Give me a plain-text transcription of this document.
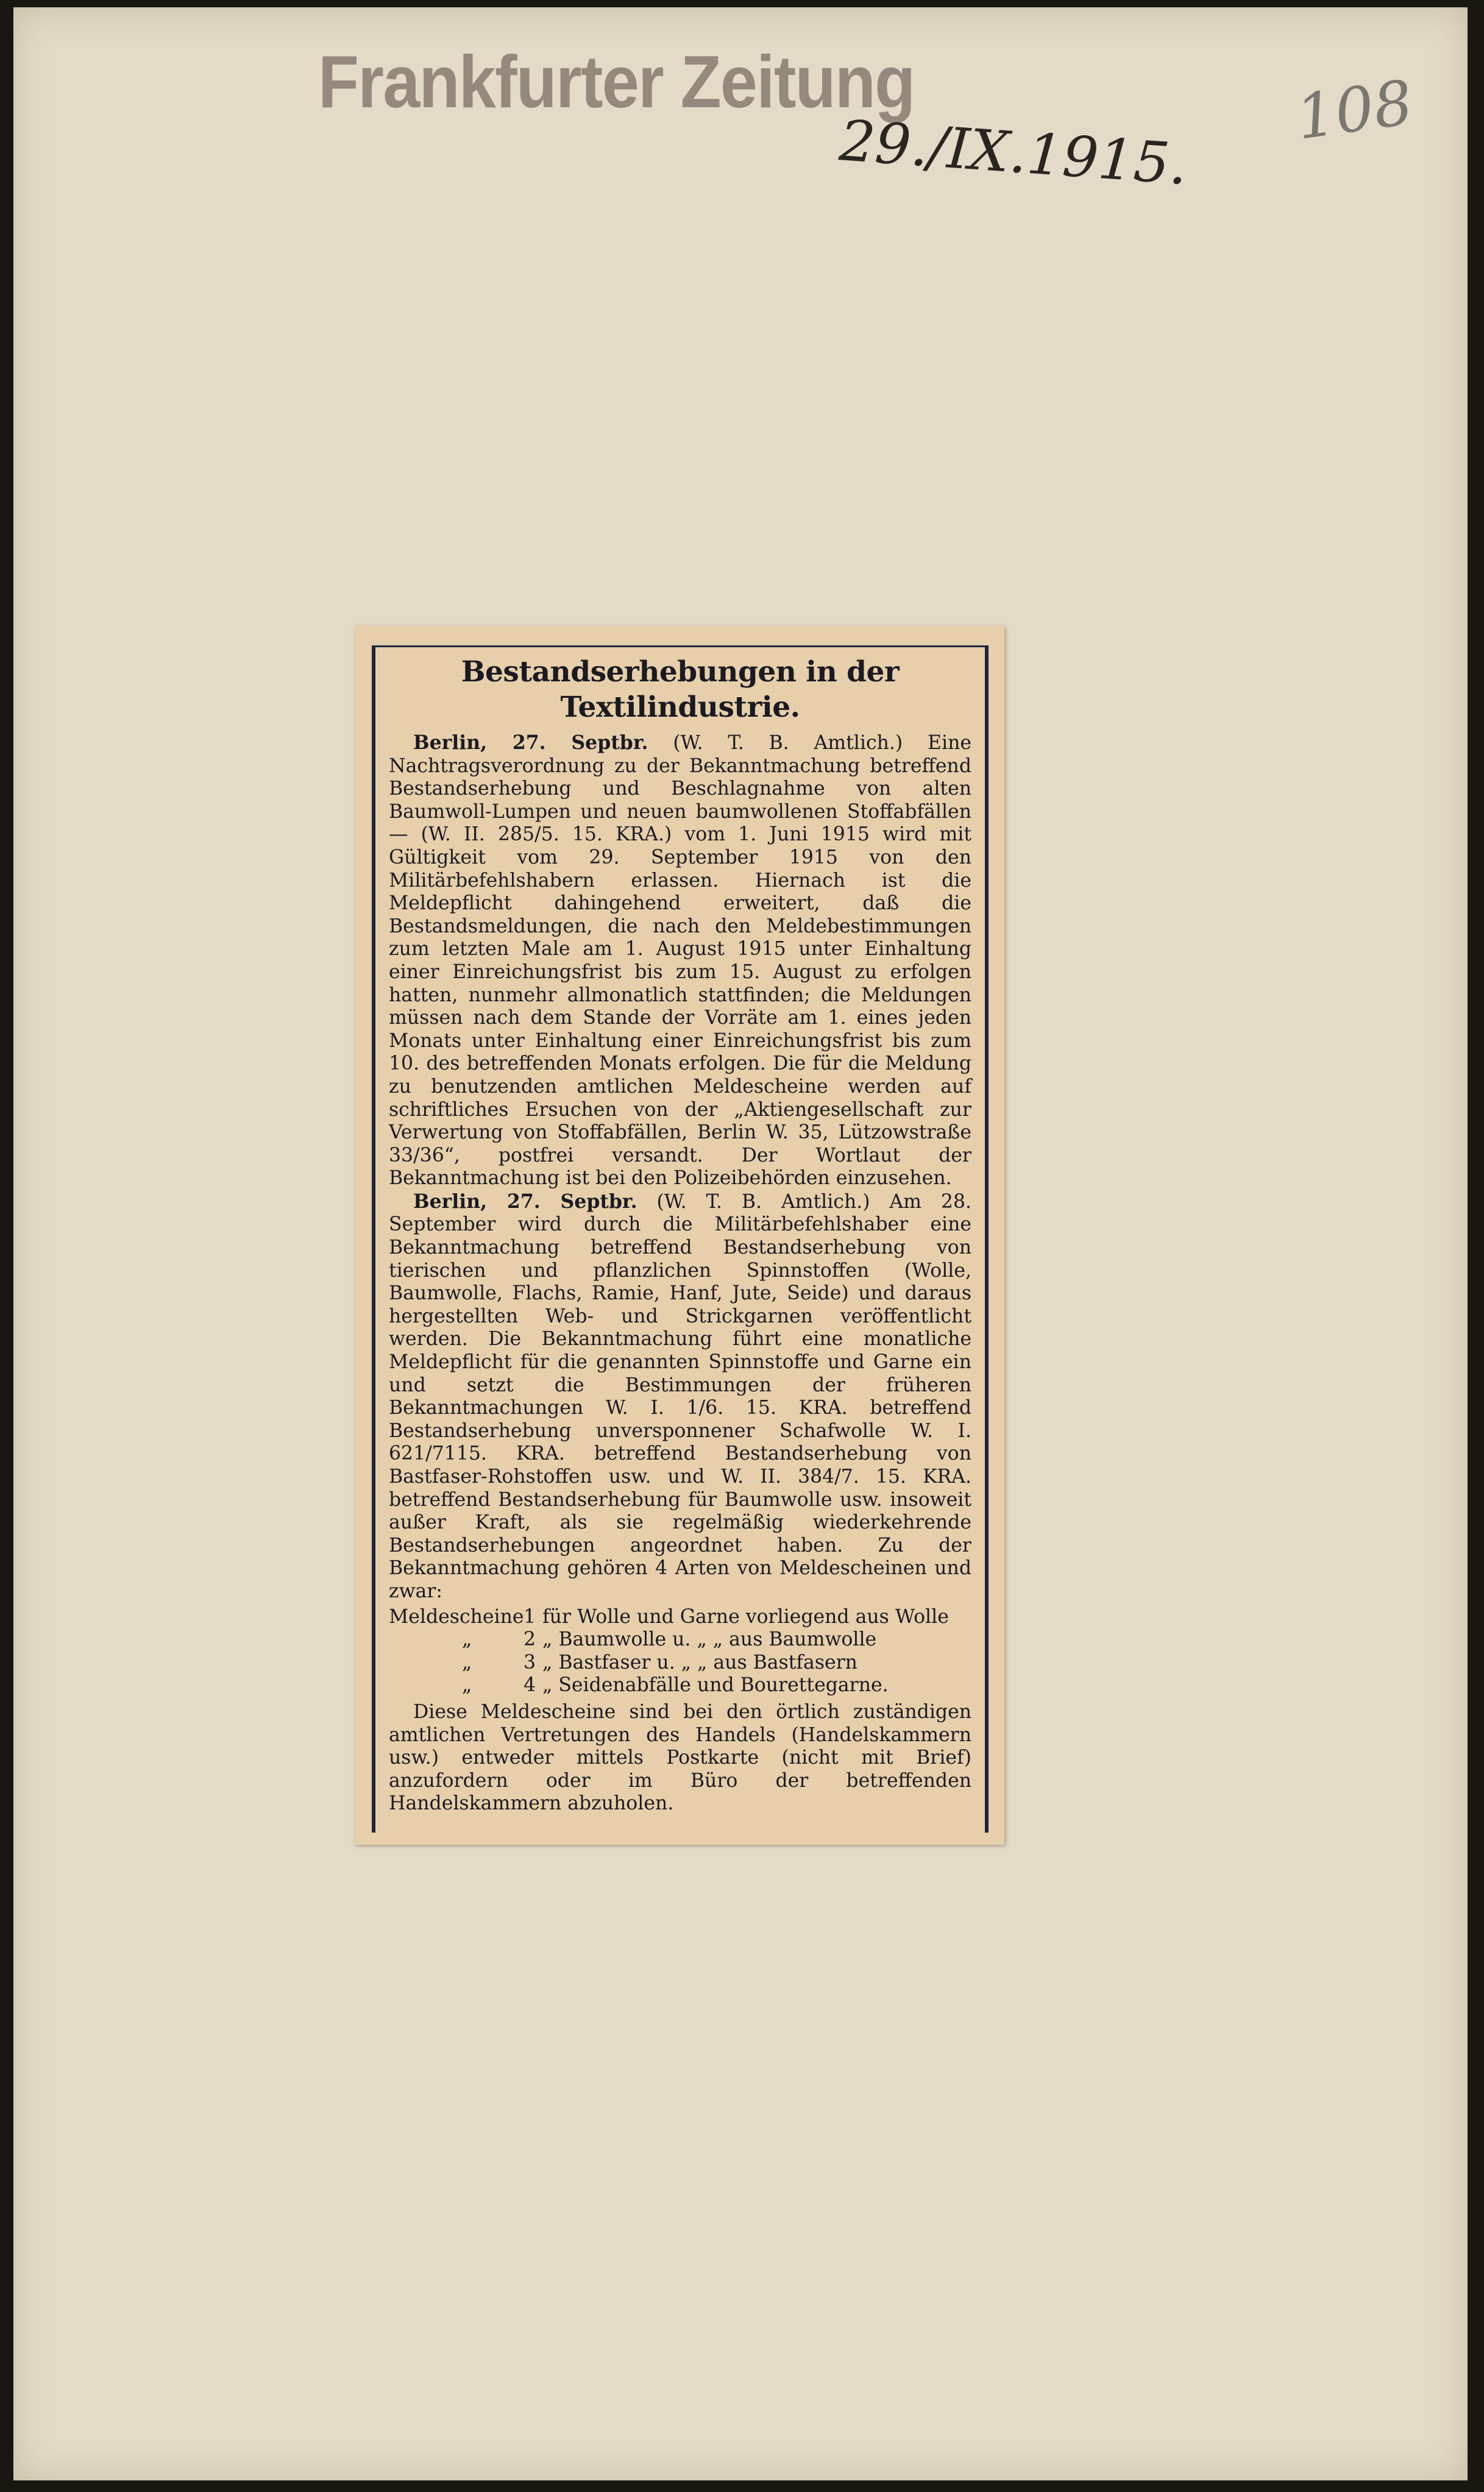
Frankfurter Zeitung
29./IX.1915. 108
Bestandserhebungen in der Textilindustrie.

Berlin, 27. Septbr. (W. T. B. Amtlich.) Eine Nachtragsverordnung zu der Bekanntmachung betreffend Bestandserhebung und Beschlagnahme von alten Baumwoll-Lumpen und neuen baumwollenen Stoffabfällen — (W. II. 285/5. 15. KRA.) vom 1. Juni 1915 wird mit Gültigkeit vom 29. September 1915 von den Militärbefehlshabern erlassen. Hiernach ist die Meldepflicht dahingehend erweitert, daß die Bestandsmeldungen, die nach den Meldebestimmungen zum letzten Male am 1. August 1915 unter Einhaltung einer Einreichungsfrist bis zum 15. August zu erfolgen hatten, nunmehr allmonatlich stattfinden; die Meldungen müssen nach dem Stande der Vorräte am 1. eines jeden Monats unter Einhaltung einer Einreichungsfrist bis zum 10. des betreffenden Monats erfolgen. Die für die Meldung zu benutzenden amtlichen Meldescheine werden auf schriftliches Ersuchen von der „Aktiengesellschaft zur Verwertung von Stoffabfällen, Berlin W. 35, Lützowstraße 33/36“, postfrei versandt. Der Wortlaut der Bekanntmachung ist bei den Polizeibehörden einzusehen.

Berlin, 27. Septbr. (W. T. B. Amtlich.) Am 28. September wird durch die Militärbefehlshaber eine Bekanntmachung betreffend Bestandserhebung von tierischen und pflanzlichen Spinnstoffen (Wolle, Baumwolle, Flachs, Ramie, Hanf, Jute, Seide) und daraus hergestellten Web- und Strickgarnen veröffentlicht werden. Die Bekanntmachung führt eine monatliche Meldepflicht für die genannten Spinnstoffe und Garne ein und setzt die Bestimmungen der früheren Bekanntmachungen W. I. 1/6. 15. KRA. betreffend Bestandserhebung unversponnener Schafwolle W. I. 621/7115. KRA. betreffend Bestandserhebung von Bastfaser-Rohstoffen usw. und W. II. 384/7. 15. KRA. betreffend Bestandserhebung für Baumwolle usw. insoweit außer Kraft, als sie regelmäßig wiederkehrende Bestandserhebungen angeordnet haben. Zu der Bekanntmachung gehören 4 Arten von Meldescheinen und zwar:

Meldescheine 1 für Wolle und Garne vorliegend aus Wolle
„	2 „ Baumwolle u. „ „ aus Baumwolle
„	3 „ Bastfaser u. „ „ aus Bastfasern
„	4 „ Seidenabfälle und Bourettegarne.

Diese Meldescheine sind bei den örtlich zuständigen amtlichen Vertretungen des Handels (Handelskammern usw.) entweder mittels Postkarte (nicht mit Brief) anzufordern oder im Büro der betreffenden Handelskammern abzuholen.
